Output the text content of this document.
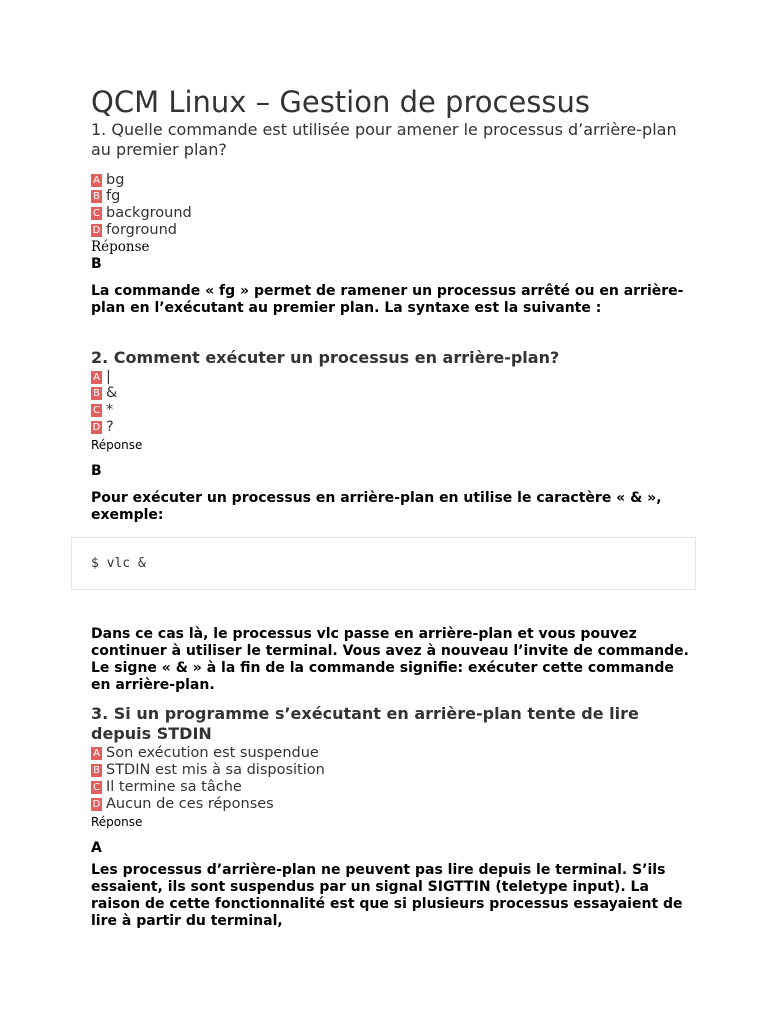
QCM Linux – Gestion de processus
1. Quelle commande est utilisée pour amener le processus d’arrière-plan au premier plan?
A bg
B fg
C background
D forground
Réponse
B
La commande « fg » permet de ramener un processus arrêté ou en arrière-plan en l’exécutant au premier plan. La syntaxe est la suivante :
2. Comment exécuter un processus en arrière-plan?
A |
B &
C *
D ?
Réponse
B
Pour exécuter un processus en arrière-plan en utilise le caractère « & », exemple:
$ vlc &
Dans ce cas là, le processus vlc passe en arrière-plan et vous pouvez continuer à utiliser le terminal. Vous avez à nouveau l’invite de commande. Le signe « & » à la fin de la commande signifie: exécuter cette commande en arrière-plan.
3. Si un programme s’exécutant en arrière-plan tente de lire depuis STDIN
A Son exécution est suspendue
B STDIN est mis à sa disposition
C Il termine sa tâche
D Aucun de ces réponses
Réponse
A
Les processus d’arrière-plan ne peuvent pas lire depuis le terminal. S’ils essaient, ils sont suspendus par un signal SIGTTIN (teletype input). La raison de cette fonctionnalité est que si plusieurs processus essayaient de lire à partir du terminal,
